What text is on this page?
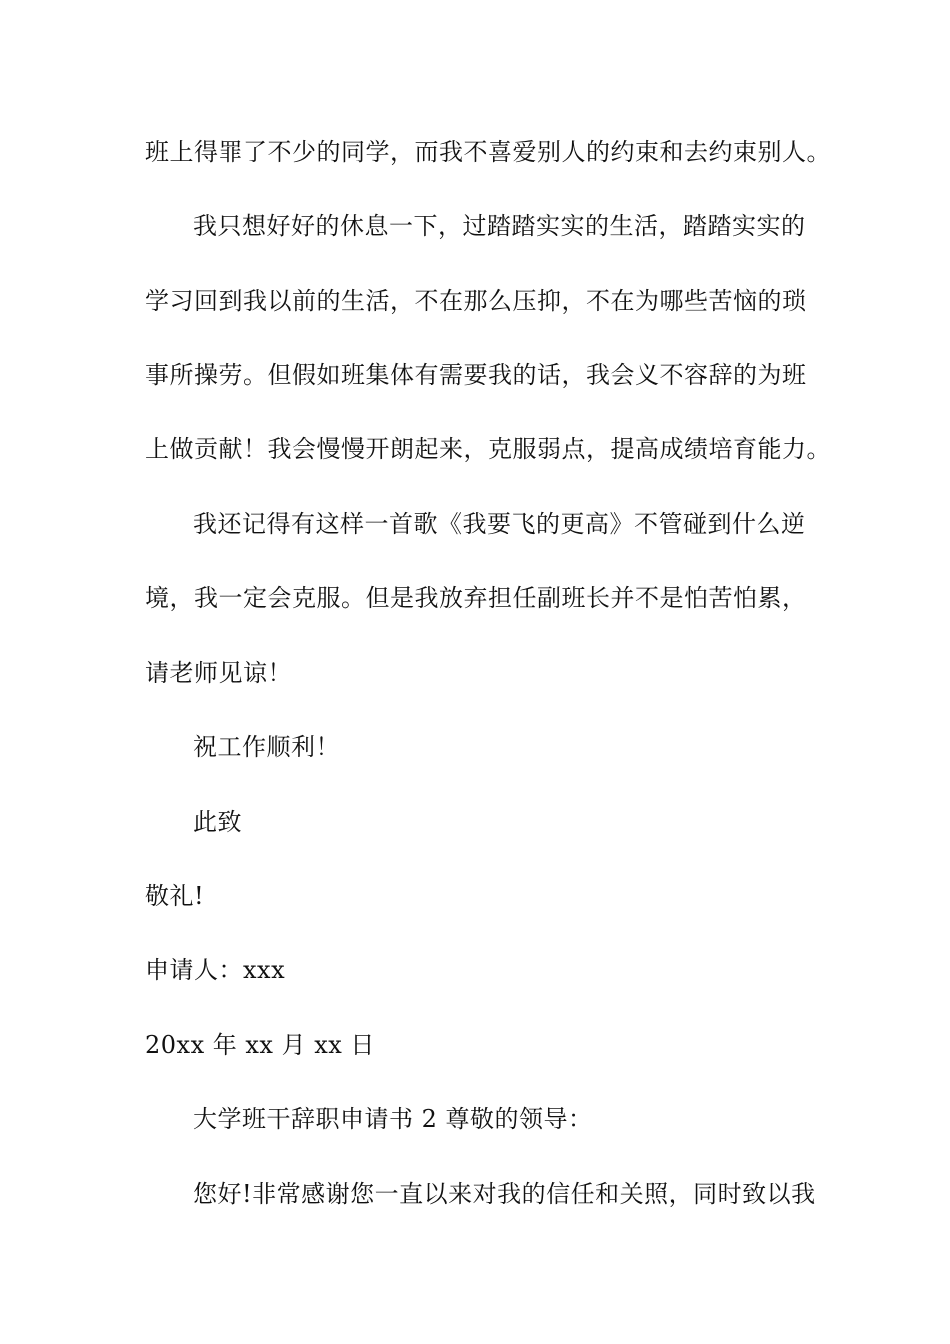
班上得罪了不少的同学，而我不喜爱别人的约束和去约束别人。
我只想好好的休息一下，过踏踏实实的生活，踏踏实实的
学习回到我以前的生活，不在那么压抑，不在为哪些苦恼的琐
事所操劳。但假如班集体有需要我的话，我会义不容辞的为班
上做贡献！我会慢慢开朗起来，克服弱点，提高成绩培育能力。
我还记得有这样一首歌《我要飞的更高》不管碰到什么逆
境，我一定会克服。但是我放弃担任副班长并不是怕苦怕累，
请老师见谅！
祝工作顺利！
此致
敬礼!
申请人：xxx
20xx 年 xx 月 xx 日
大学班干辞职申请书 2 尊敬的领导：
您好!非常感谢您一直以来对我的信任和关照，同时致以我
